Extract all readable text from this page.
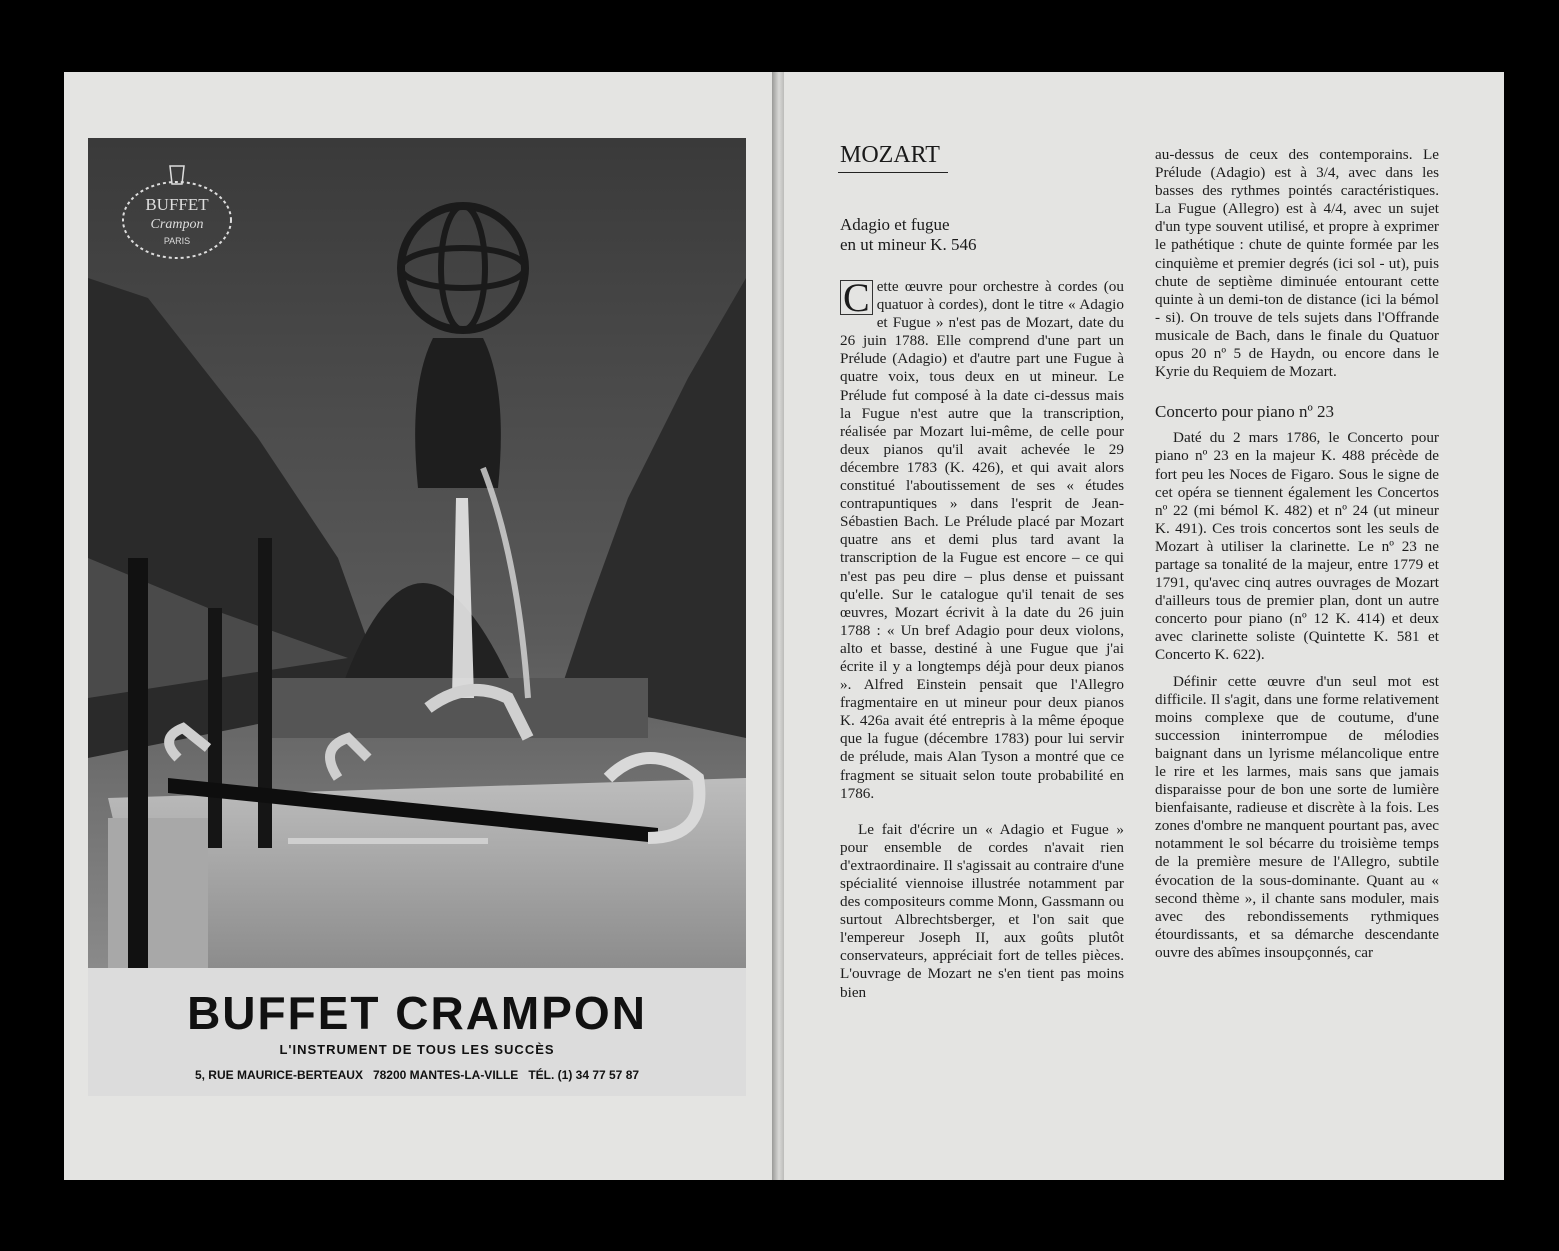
BUFFET
Crampon
PARIS
BUFFET CRAMPON
L'INSTRUMENT DE TOUS LES SUCCÈS
5, RUE MAURICE-BERTEAUX   78200 MANTES-LA-VILLE   TÉL. (1) 34 77 57 87
MOZART
Adagio et fugue
en ut mineur K. 546

C ette œuvre pour orchestre à cordes (ou quatuor à cordes), dont le titre « Adagio et Fugue » n'est pas de Mozart, date du 26 juin 1788. Elle comprend d'une part un Prélude (Adagio) et d'autre part une Fugue à quatre voix, tous deux en ut mineur. Le Prélude fut composé à la date ci-dessus mais la Fugue n'est autre que la transcription, réalisée par Mozart lui-même, de celle pour deux pianos qu'il avait achevée le 29 décembre 1783 (K. 426), et qui avait alors constitué l'aboutissement de ses « études contrapuntiques » dans l'esprit de Jean-Sébastien Bach. Le Prélude placé par Mozart quatre ans et demi plus tard avant la transcription de la Fugue est encore – ce qui n'est pas peu dire – plus dense et puissant qu'elle. Sur le catalogue qu'il tenait de ses œuvres, Mozart écrivit à la date du 26 juin 1788 : « Un bref Adagio pour deux violons, alto et basse, destiné à une Fugue que j'ai écrite il y a longtemps déjà pour deux pianos ». Alfred Einstein pensait que l'Allegro fragmentaire en ut mineur pour deux pianos K. 426a avait été entrepris à la même époque que la fugue (décembre 1783) pour lui servir de prélude, mais Alan Tyson a montré que ce fragment se situait selon toute probabilité en 1786.

Le fait d'écrire un « Adagio et Fugue » pour ensemble de cordes n'avait rien d'extraordinaire. Il s'agissait au contraire d'une spécialité viennoise illustrée notamment par des compositeurs comme Monn, Gassmann ou surtout Albrechtsberger, et l'on sait que l'empereur Joseph II, aux goûts plutôt conservateurs, appréciait fort de telles pièces. L'ouvrage de Mozart ne s'en tient pas moins bien

au-dessus de ceux des contemporains. Le Prélude (Adagio) est à 3/4, avec dans les basses des rythmes pointés caractéristiques. La Fugue (Allegro) est à 4/4, avec un sujet d'un type souvent utilisé, et propre à exprimer le pathétique : chute de quinte formée par les cinquième et premier degrés (ici sol - ut), puis chute de septième diminuée entourant cette quinte à un demi-ton de distance (ici la bémol - si). On trouve de tels sujets dans l'Offrande musicale de Bach, dans le finale du Quatuor opus 20 nº 5 de Haydn, ou encore dans le Kyrie du Requiem de Mozart.

Concerto pour piano nº 23

Daté du 2 mars 1786, le Concerto pour piano nº 23 en la majeur K. 488 précède de fort peu les Noces de Figaro. Sous le signe de cet opéra se tiennent également les Concertos nº 22 (mi bémol K. 482) et nº 24 (ut mineur K. 491). Ces trois concertos sont les seuls de Mozart à utiliser la clarinette. Le nº 23 ne partage sa tonalité de la majeur, entre 1779 et 1791, qu'avec cinq autres ouvrages de Mozart d'ailleurs tous de premier plan, dont un autre concerto pour piano (nº 12 K. 414) et deux avec clarinette soliste (Quintette K. 581 et Concerto K. 622).

Définir cette œuvre d'un seul mot est difficile. Il s'agit, dans une forme relativement moins complexe que de coutume, d'une succession ininterrompue de mélodies baignant dans un lyrisme mélancolique entre le rire et les larmes, mais sans que jamais disparaisse pour de bon une sorte de lumière bienfaisante, radieuse et discrète à la fois. Les zones d'ombre ne manquent pourtant pas, avec notamment le sol bécarre du troisième temps de la première mesure de l'Allegro, subtile évocation de la sous-dominante. Quant au « second thème », il chante sans moduler, mais avec des rebondissements rythmiques étourdissants, et sa démarche descendante ouvre des abîmes insoupçonnés, car
